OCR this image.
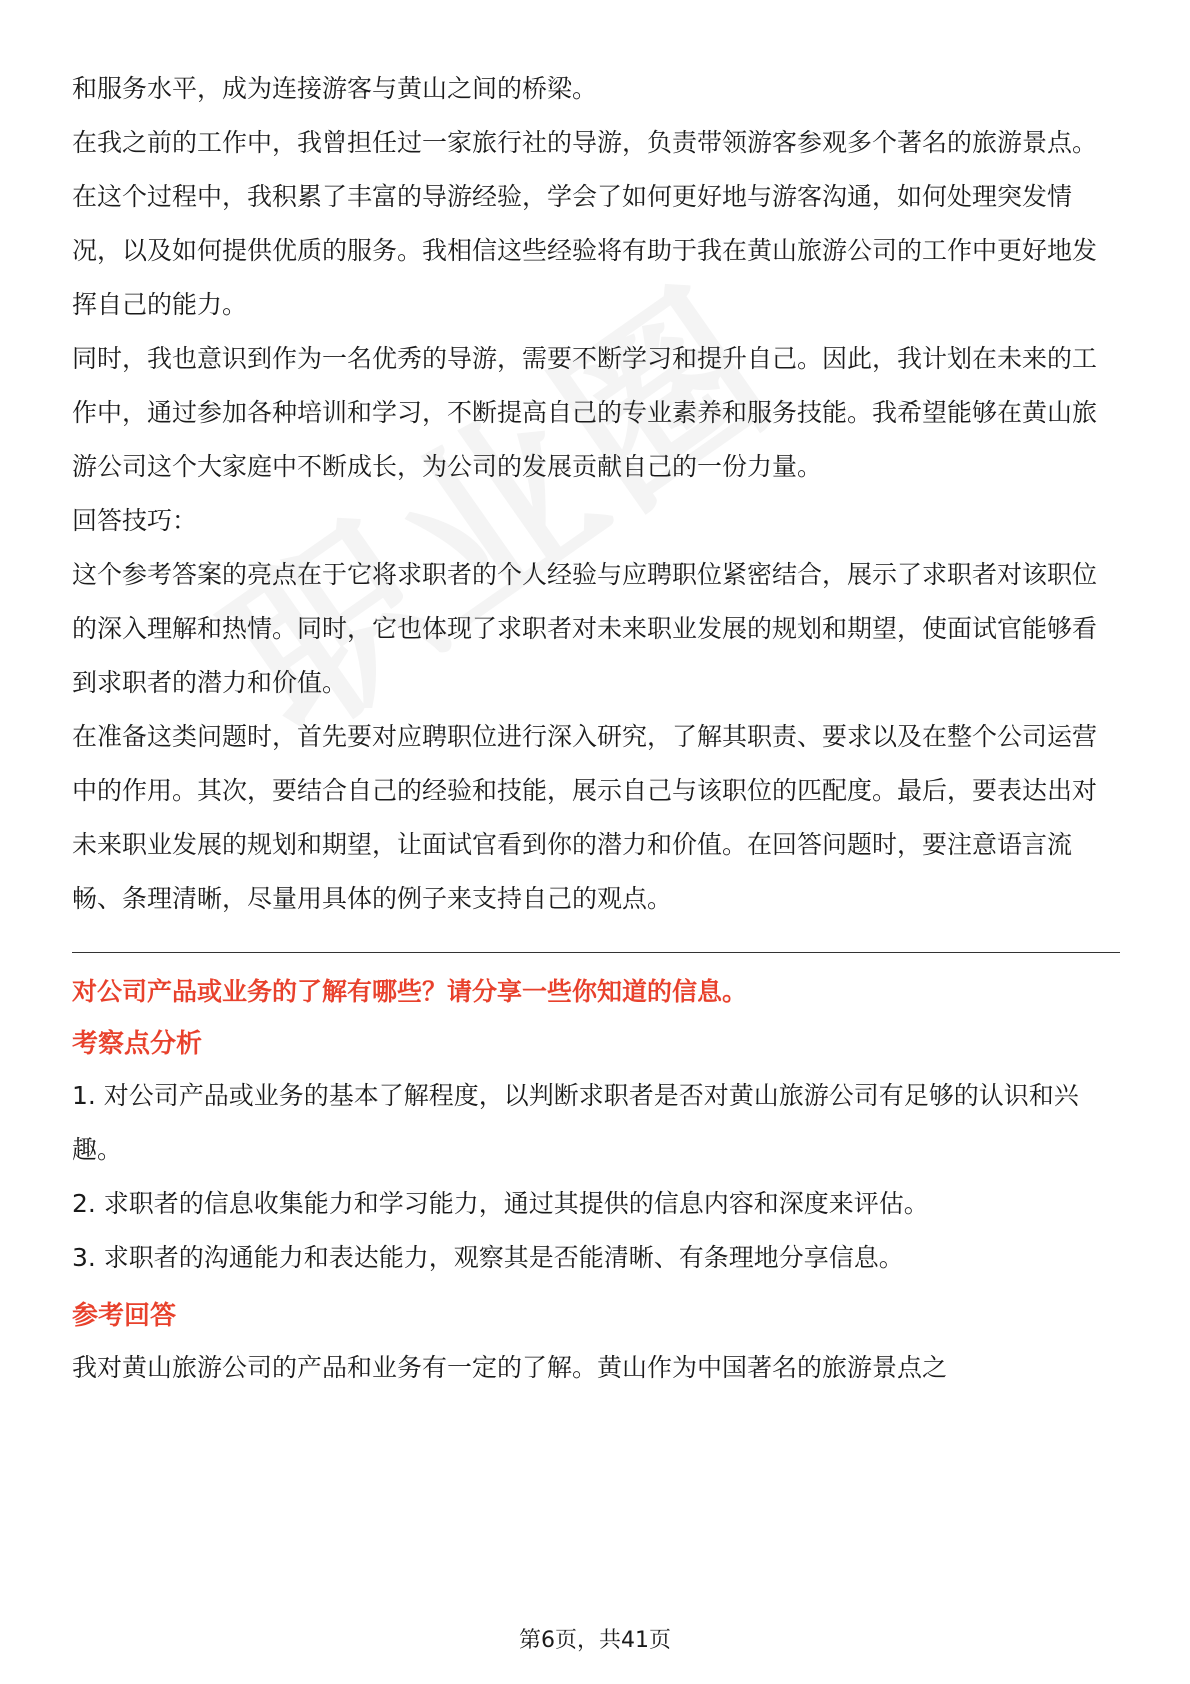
和服务水平，成为连接游客与黄山之间的桥梁。

在我之前的工作中，我曾担任过一家旅行社的导游，负责带领游客参观多个著名的旅游景点。在这个过程中，我积累了丰富的导游经验，学会了如何更好地与游客沟通，如何处理突发情况，以及如何提供优质的服务。我相信这些经验将有助于我在黄山旅游公司的工作中更好地发挥自己的能力。

同时，我也意识到作为一名优秀的导游，需要不断学习和提升自己。因此，我计划在未来的工作中，通过参加各种培训和学习，不断提高自己的专业素养和服务技能。我希望能够在黄山旅游公司这个大家庭中不断成长，为公司的发展贡献自己的一份力量。

回答技巧：

这个参考答案的亮点在于它将求职者的个人经验与应聘职位紧密结合，展示了求职者对该职位的深入理解和热情。同时，它也体现了求职者对未来职业发展的规划和期望，使面试官能够看到求职者的潜力和价值。

在准备这类问题时，首先要对应聘职位进行深入研究，了解其职责、要求以及在整个公司运营中的作用。其次，要结合自己的经验和技能，展示自己与该职位的匹配度。最后，要表达出对未来职业发展的规划和期望，让面试官看到你的潜力和价值。在回答问题时，要注意语言流畅、条理清晰，尽量用具体的例子来支持自己的观点。

对公司产品或业务的了解有哪些？请分享一些你知道的信息。

考察点分析

1. 对公司产品或业务的基本了解程度，以判断求职者是否对黄山旅游公司有足够的认识和兴趣。

2. 求职者的信息收集能力和学习能力，通过其提供的信息内容和深度来评估。

3. 求职者的沟通能力和表达能力，观察其是否能清晰、有条理地分享信息。

参考回答

我对黄山旅游公司的产品和业务有一定的了解。黄山作为中国著名的旅游景点之

第6页，共41页
